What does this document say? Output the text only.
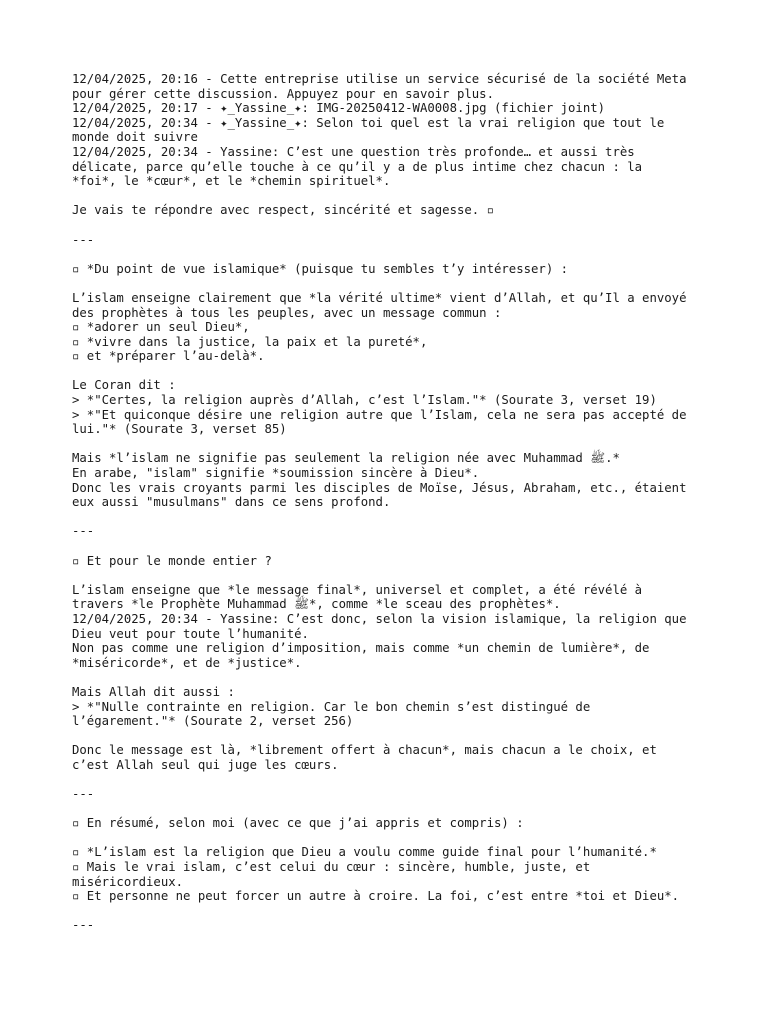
12/04/2025, 20:16 - Cette entreprise utilise un service sécurisé de la société Meta
pour gérer cette discussion. Appuyez pour en savoir plus.
12/04/2025, 20:17 - ✦_Yassine_✦: IMG-20250412-WA0008.jpg (fichier joint)
12/04/2025, 20:34 - ✦_Yassine_✦: Selon toi quel est la vrai religion que tout le
monde doit suivre
12/04/2025, 20:34 - Yassine: C’est une question très profonde… et aussi très
délicate, parce qu’elle touche à ce qu’il y a de plus intime chez chacun : la
*foi*, le *cœur*, et le *chemin spirituel*.
Je vais te répondre avec respect, sincérité et sagesse. ▫
---
▫ *Du point de vue islamique* (puisque tu sembles t’y intéresser) :
L’islam enseigne clairement que *la vérité ultime* vient d’Allah, et qu’Il a envoyé
des prophètes à tous les peuples, avec un message commun :
▫ *adorer un seul Dieu*,
▫ *vivre dans la justice, la paix et la pureté*,
▫ et *préparer l’au-delà*.
Le Coran dit :
> *"Certes, la religion auprès d’Allah, c’est l’Islam."* (Sourate 3, verset 19)
> *"Et quiconque désire une religion autre que l’Islam, cela ne sera pas accepté de
lui."* (Sourate 3, verset 85)
Mais *l’islam ne signifie pas seulement la religion née avec Muhammad ﷺ.*
En arabe, "islam" signifie *soumission sincère à Dieu*.
Donc les vrais croyants parmi les disciples de Moïse, Jésus, Abraham, etc., étaient
eux aussi "musulmans" dans ce sens profond.
---
▫ Et pour le monde entier ?
L’islam enseigne que *le message final*, universel et complet, a été révélé à
travers *le Prophète Muhammad ﷺ*, comme *le sceau des prophètes*.
12/04/2025, 20:34 - Yassine: C’est donc, selon la vision islamique, la religion que
Dieu veut pour toute l’humanité.
Non pas comme une religion d’imposition, mais comme *un chemin de lumière*, de
*miséricorde*, et de *justice*.
Mais Allah dit aussi :
> *"Nulle contrainte en religion. Car le bon chemin s’est distingué de
l’égarement."* (Sourate 2, verset 256)
Donc le message est là, *librement offert à chacun*, mais chacun a le choix, et
c’est Allah seul qui juge les cœurs.
---
▫ En résumé, selon moi (avec ce que j’ai appris et compris) :
▫ *L’islam est la religion que Dieu a voulu comme guide final pour l’humanité.*
▫ Mais le vrai islam, c’est celui du cœur : sincère, humble, juste, et
miséricordieux.
▫ Et personne ne peut forcer un autre à croire. La foi, c’est entre *toi et Dieu*.
---
